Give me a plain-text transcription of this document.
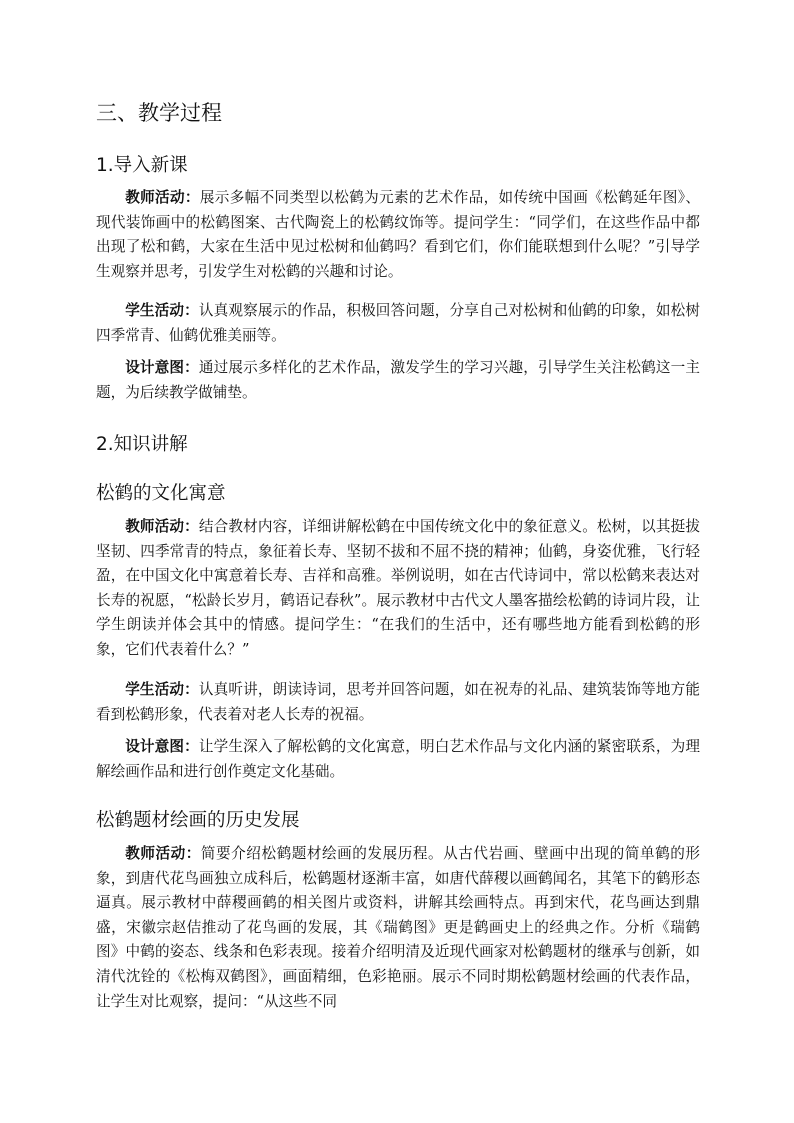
三、教学过程
1.导入新课

教师活动：展示多幅不同类型以松鹤为元素的艺术作品，如传统中国画《松鹤延年图》、现代装饰画中的松鹤图案、古代陶瓷上的松鹤纹饰等。提问学生：“同学们，在这些作品中都出现了松和鹤，大家在生活中见过松树和仙鹤吗？看到它们，你们能联想到什么呢？”引导学生观察并思考，引发学生对松鹤的兴趣和讨论。

学生活动：认真观察展示的作品，积极回答问题，分享自己对松树和仙鹤的印象，如松树四季常青、仙鹤优雅美丽等。

设计意图：通过展示多样化的艺术作品，激发学生的学习兴趣，引导学生关注松鹤这一主题，为后续教学做铺垫。

2.知识讲解
松鹤的文化寓意

教师活动：结合教材内容，详细讲解松鹤在中国传统文化中的象征意义。松树，以其挺拔坚韧、四季常青的特点，象征着长寿、坚韧不拔和不屈不挠的精神；仙鹤，身姿优雅，飞行轻盈，在中国文化中寓意着长寿、吉祥和高雅。举例说明，如在古代诗词中，常以松鹤来表达对长寿的祝愿，“松龄长岁月，鹤语记春秋”。展示教材中古代文人墨客描绘松鹤的诗词片段，让学生朗读并体会其中的情感。提问学生：“在我们的生活中，还有哪些地方能看到松鹤的形象，它们代表着什么？”

学生活动：认真听讲，朗读诗词，思考并回答问题，如在祝寿的礼品、建筑装饰等地方能看到松鹤形象，代表着对老人长寿的祝福。

设计意图：让学生深入了解松鹤的文化寓意，明白艺术作品与文化内涵的紧密联系，为理解绘画作品和进行创作奠定文化基础。

松鹤题材绘画的历史发展

教师活动：简要介绍松鹤题材绘画的发展历程。从古代岩画、壁画中出现的简单鹤的形象，到唐代花鸟画独立成科后，松鹤题材逐渐丰富，如唐代薛稷以画鹤闻名，其笔下的鹤形态逼真。展示教材中薛稷画鹤的相关图片或资料，讲解其绘画特点。再到宋代，花鸟画达到鼎盛，宋徽宗赵佶推动了花鸟画的发展，其《瑞鹤图》更是鹤画史上的经典之作。分析《瑞鹤图》中鹤的姿态、线条和色彩表现。接着介绍明清及近现代画家对松鹤题材的继承与创新，如清代沈铨的《松梅双鹤图》，画面精细，色彩艳丽。展示不同时期松鹤题材绘画的代表作品，让学生对比观察，提问：“从这些不同
